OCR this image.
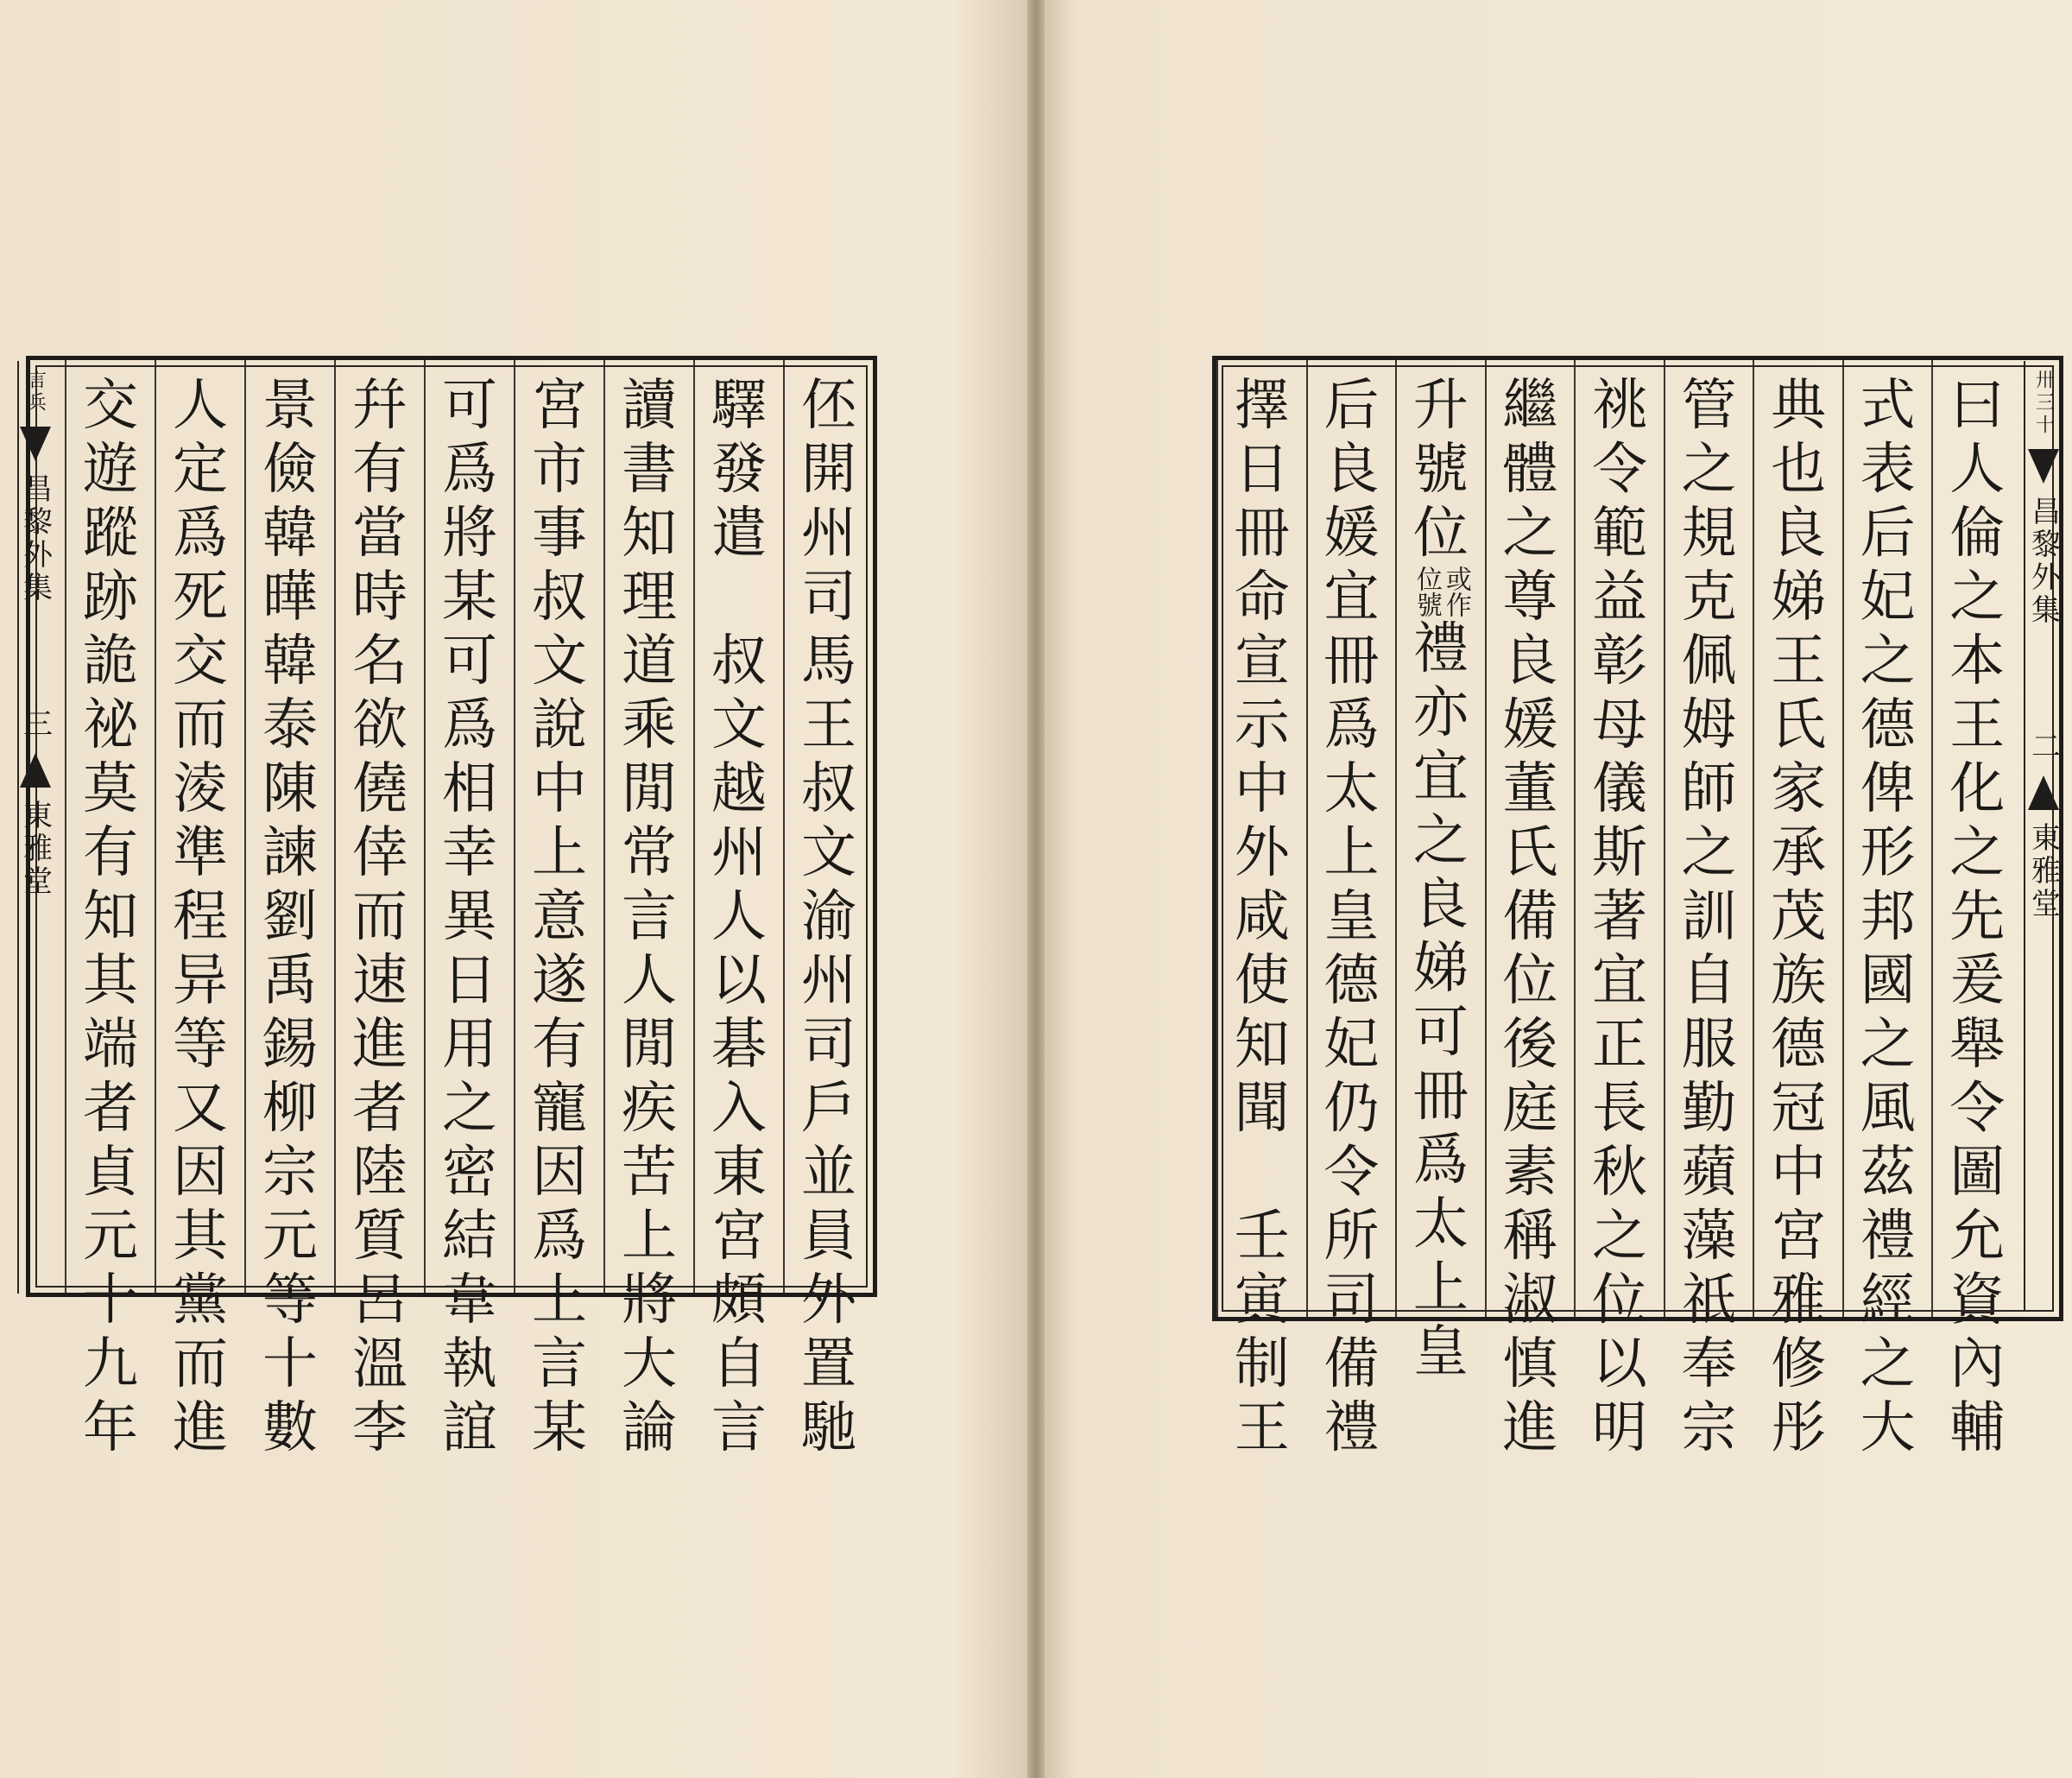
伾
開
州
司
馬
王
叔
文
渝
州
司
戶
並
員
外
置
馳
驛
發
遣

叔
文
越
州
人
以
碁
入
東
宮
頗
自
言
讀
書
知
理
道
乘
閒
常
言
人
閒
疾
苦
上
將
大
論
宮
市
事
叔
文
說
中
上
意
遂
有
寵
因
爲
上
言
某
可
爲
將
某
可
爲
相
幸
異
日
用
之
密
結
韋
執
誼
幷
有
當
時
名
欲
僥
倖
而
速
進
者
陸
質
呂
溫
李
景
儉
韓
曄
韓
泰
陳
諫
劉
禹
錫
柳
宗
元
等
十
數
人
定
爲
死
交
而
淩
準
程
异
等
又
因
其
黨
而
進
交
遊
蹤
跡
詭
祕
莫
有
知
其
端
者
貞
元
十
九
年
言兵
昌黎外集
三
東雅堂
曰
人
倫
之
本
王
化
之
先
爰
舉
令
圖
允
資
內
輔
式
表
后
妃
之
德
俾
形
邦
國
之
風
茲
禮
經
之
大
典
也
良
娣
王
氏
家
承
茂
族
德
冠
中
宮
雅
修
彤
管
之
規
克
佩
姆
師
之
訓
自
服
勤
蘋
藻
祇
奉
宗
祧
令
範
益
彰
母
儀
斯
著
宜
正
長
秋
之
位
以
明
繼
體
之
尊
良
媛
董
氏
備
位
後
庭
素
稱
淑
慎
進
升
號
位
或作
位號
禮
亦
宜
之
良
娣
可
冊
爲
太
上
皇
后
良
媛
宜
冊
爲
太
上
皇
德
妃
仍
令
所
司
備
禮
擇
日
冊
命
宣
示
中
外
咸
使
知
聞

壬
寅
制
王
卅三十
昌黎外集
二
東雅堂
